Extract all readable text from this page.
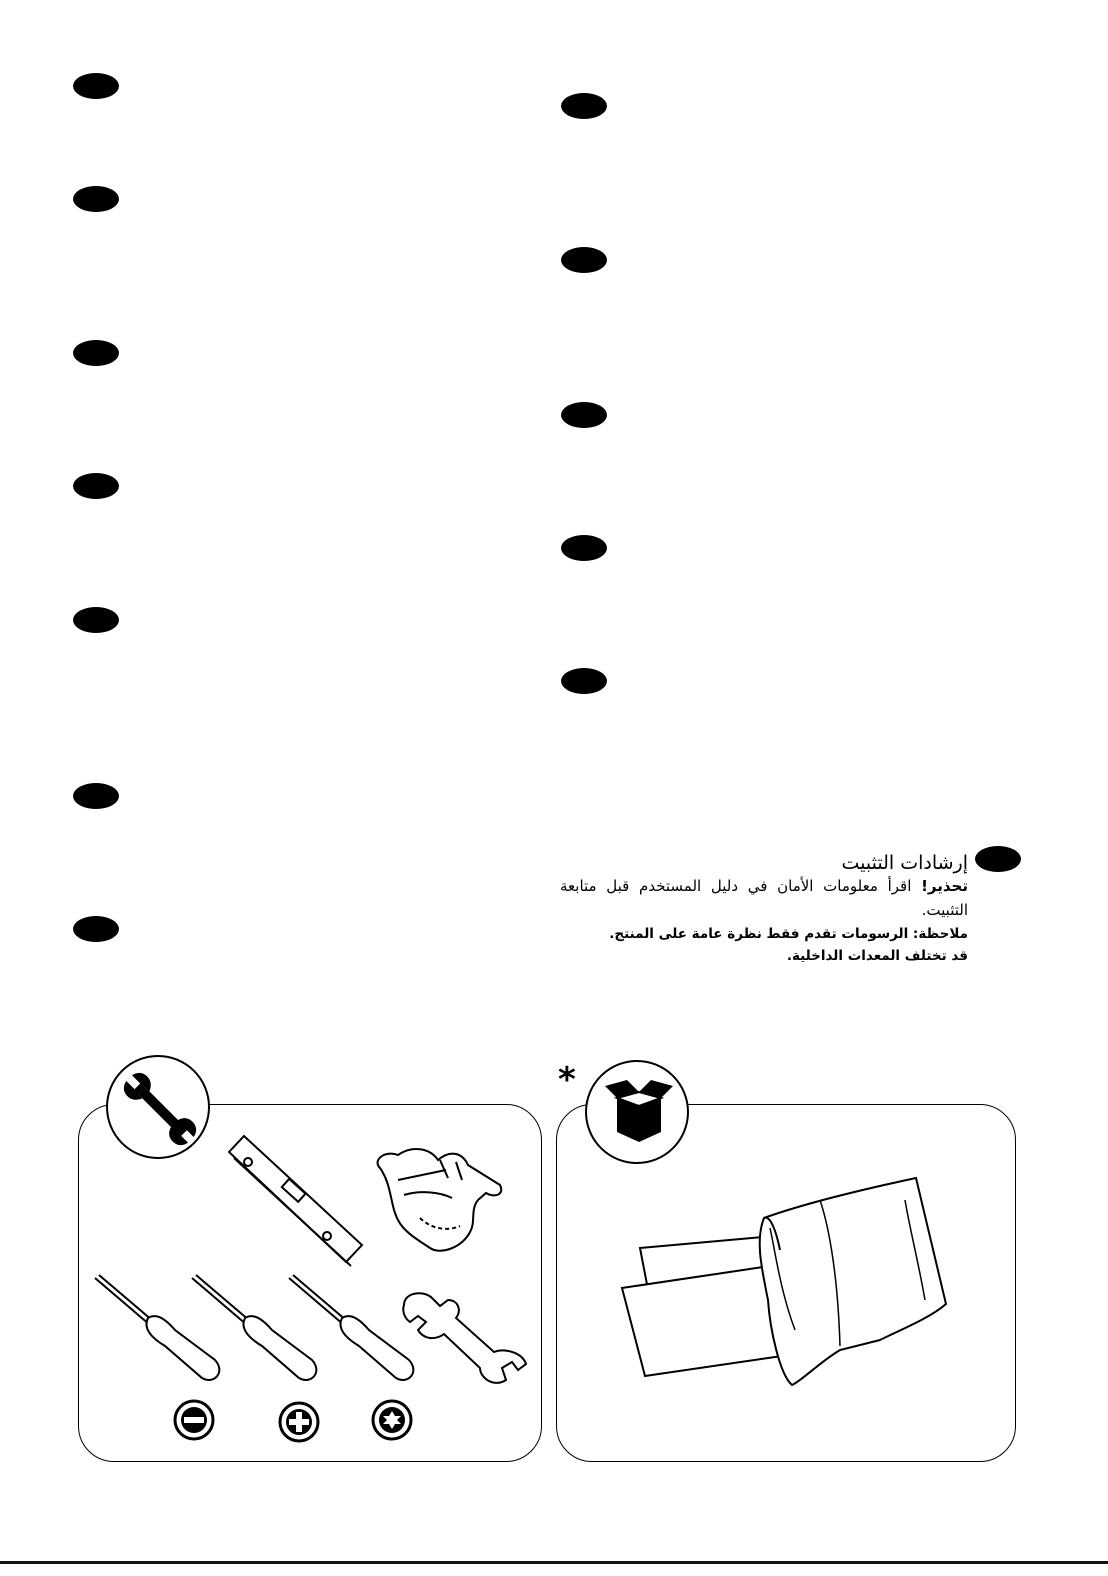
إرشادات التثبيت
تحذير! اقرأ معلومات الأمان في دليل المستخدم قبل متابعة التثبيت.
ملاحظة: الرسومات تقدم فقط نظرة عامة على المنتج.
قد تختلف المعدات الداخلية.
*
